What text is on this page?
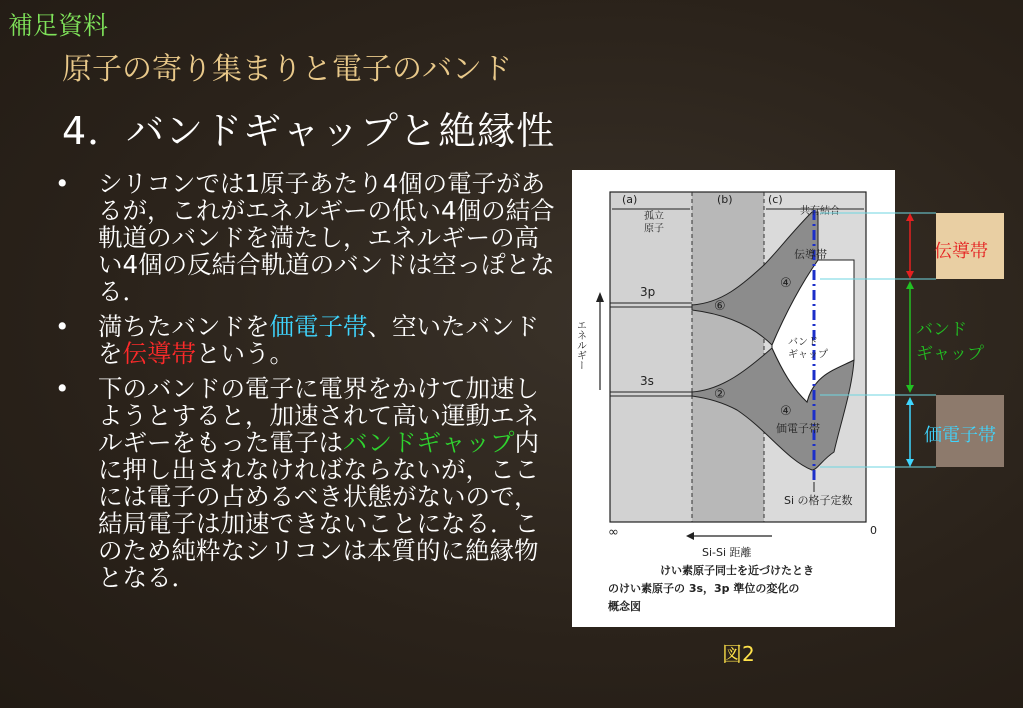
補足資料
原子の寄り集まりと電子のバンド
4．バンドギャップと絶縁性
• シリコンでは1原子あたり4個の電子があるが，これがエネルギーの低い4個の結合軌道のバンドを満たし，エネルギーの高い4個の反結合軌道のバンドは空っぽとなる．
• 満ちたバンドを価電子帯、空いたバンドを伝導帯という。
• 下のバンドの電子に電界をかけて加速しようとすると，加速されて高い運動エネルギーをもった電子はバンドギャップ内に押し出されなければならないが，ここには電子の占めるべき状態がないので，結局電子は加速できないことになる．このため純粋なシリコンは本質的に絶縁物となる．
(a)	(b)	(c)
孤立原子
共有結合
3p
3s
⑥
②
④
④
伝導帯
バンドギャップ
価電子帯
Si の格子定数
Si-Si 距離
∞	0
エネルギー
けい素原子同士を近づけたとき
のけい素原子の 3s，3p 準位の変化の
概念図
伝導帯
バンド
ギャップ
価電子帯
図2
